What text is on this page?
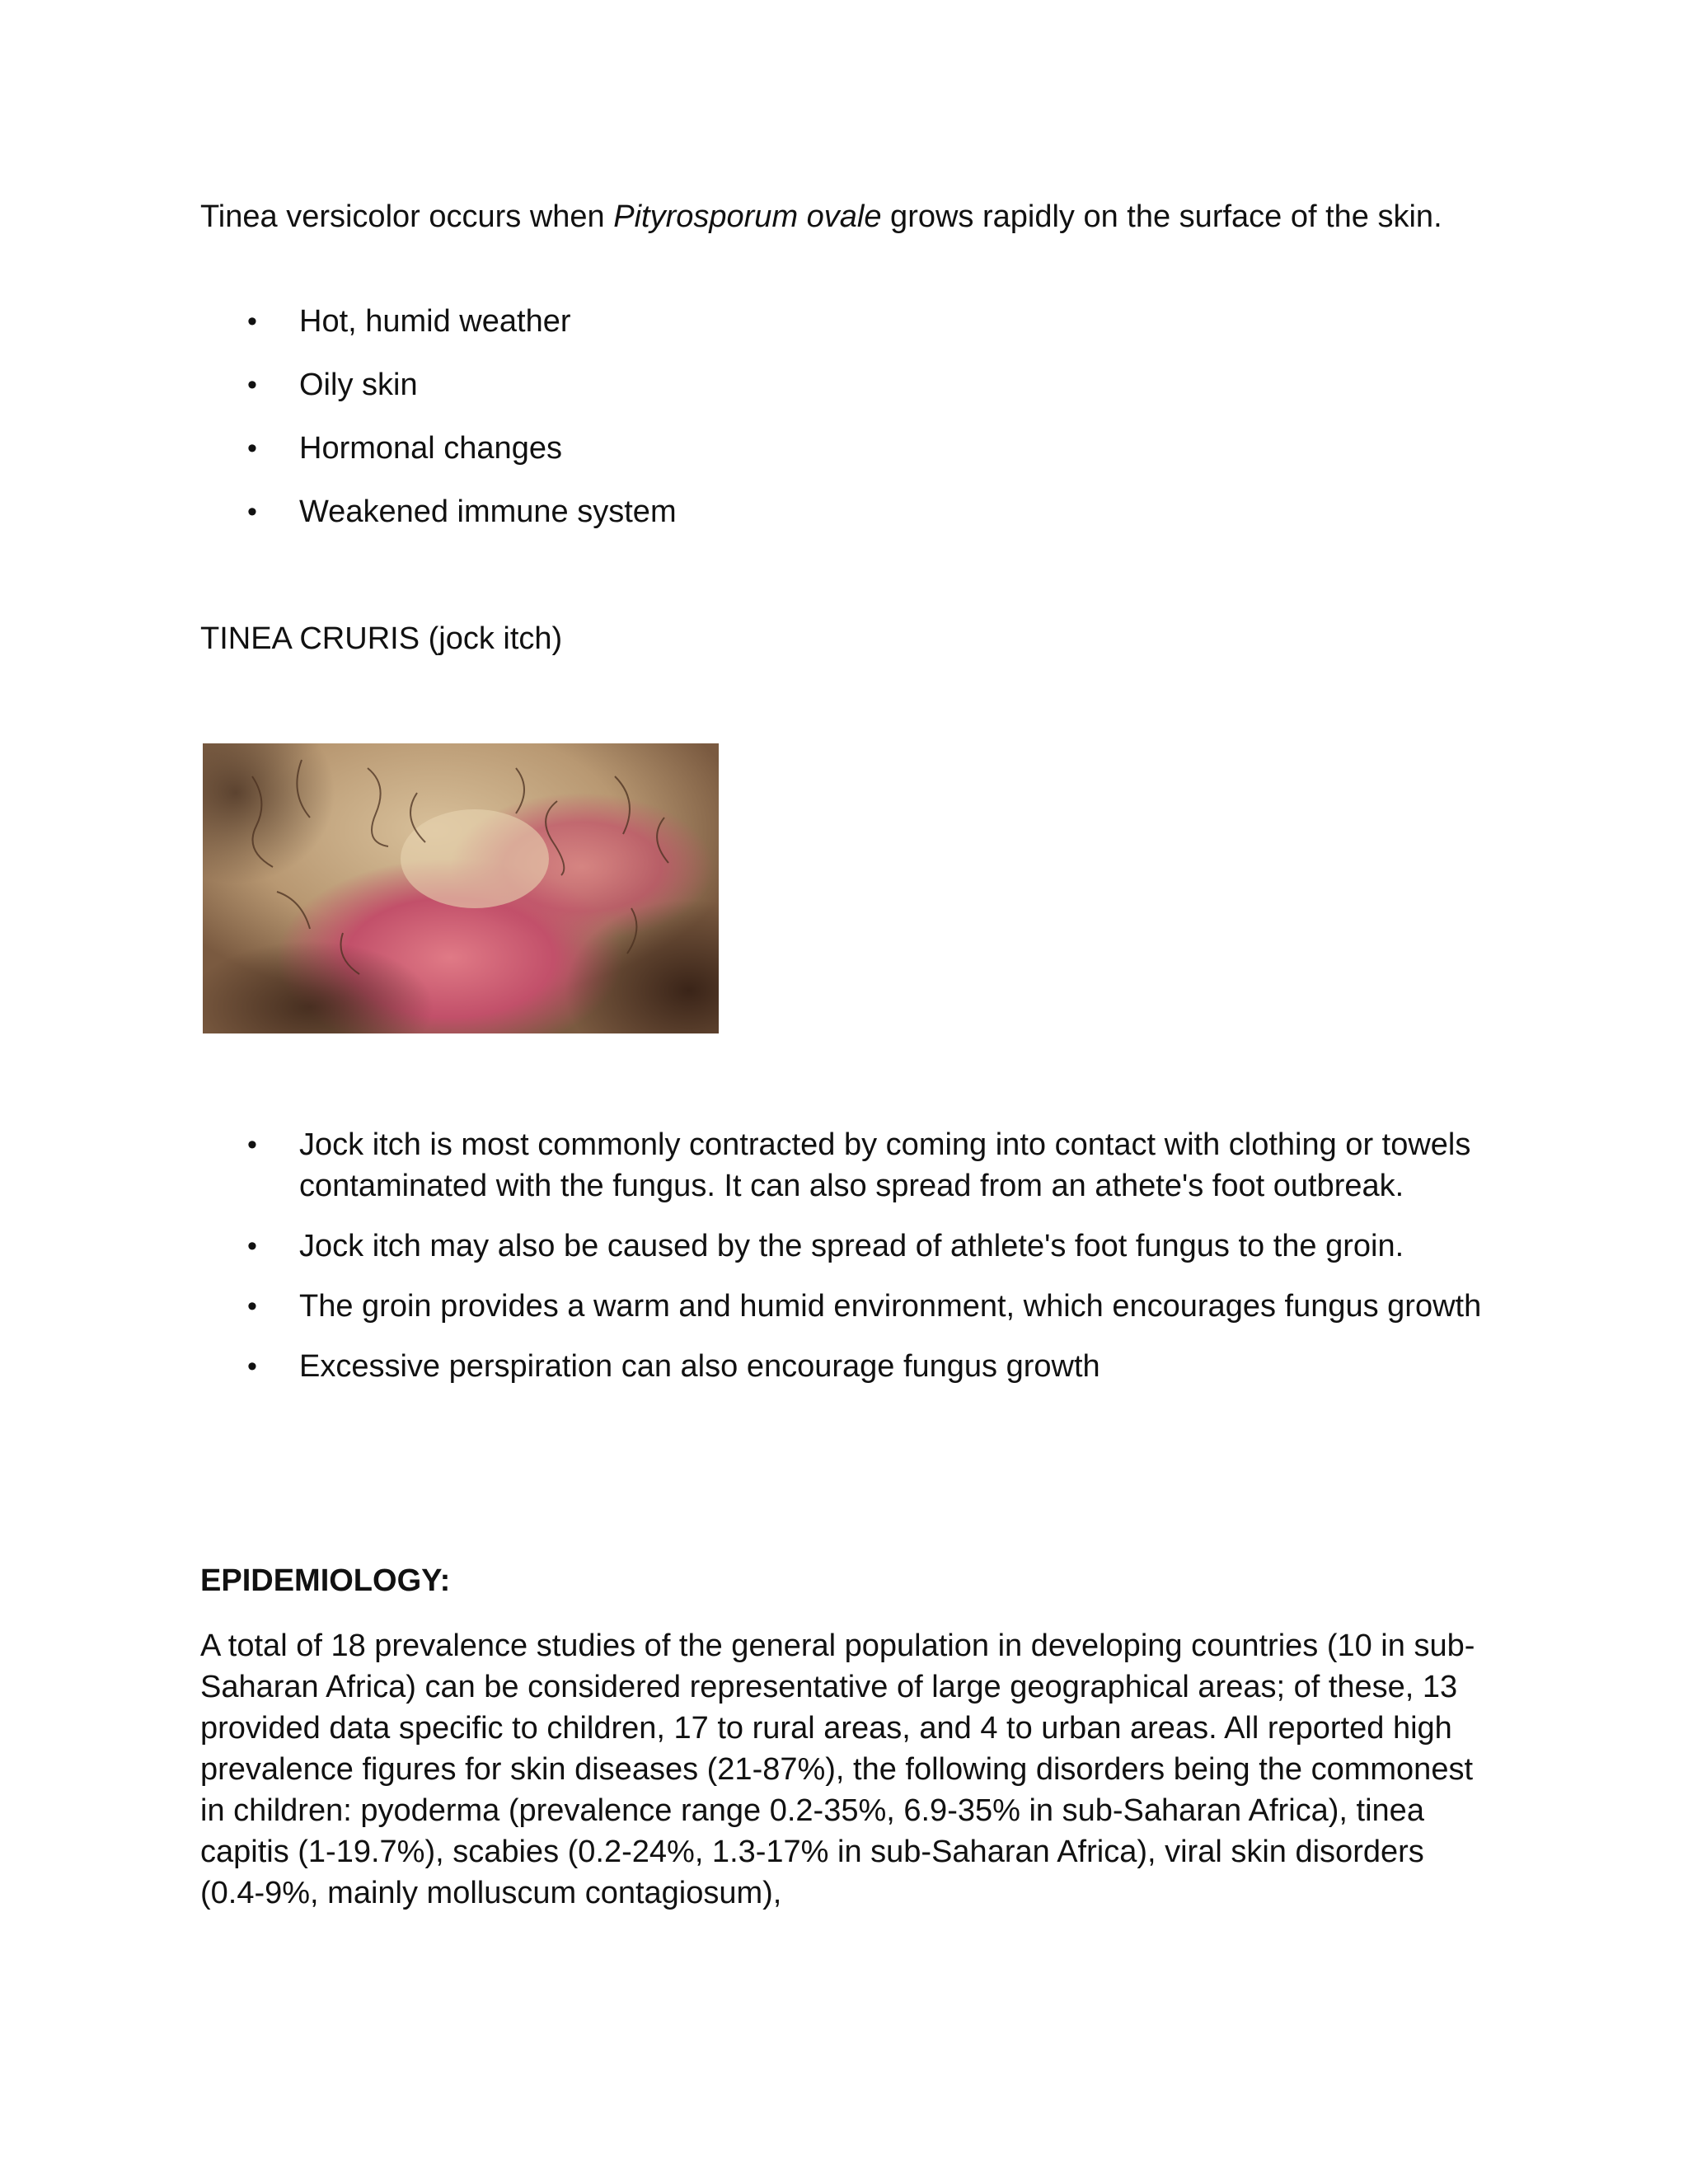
Tinea versicolor occurs when Pityrosporum ovale grows rapidly on the surface of the skin.

• Hot, humid weather
• Oily skin
• Hormonal changes
• Weakened immune system

TINEA CRURIS (jock itch)

• Jock itch is most commonly contracted by coming into contact with clothing or towels contaminated with the fungus. It can also spread from an athete's foot outbreak.
• Jock itch may also be caused by the spread of athlete's foot fungus to the groin.
• The groin provides a warm and humid environment, which encourages fungus growth
• Excessive perspiration can also encourage fungus growth

EPIDEMIOLOGY:

A total of 18 prevalence studies of the general population in developing countries (10 in sub-Saharan Africa) can be considered representative of large geographical areas; of these, 13 provided data specific to children, 17 to rural areas, and 4 to urban areas. All reported high prevalence figures for skin diseases (21-87%), the following disorders being the commonest in children: pyoderma (prevalence range 0.2-35%, 6.9-35% in sub-Saharan Africa), tinea capitis (1-19.7%), scabies (0.2-24%, 1.3-17% in sub-Saharan Africa), viral skin disorders (0.4-9%, mainly molluscum contagiosum),
